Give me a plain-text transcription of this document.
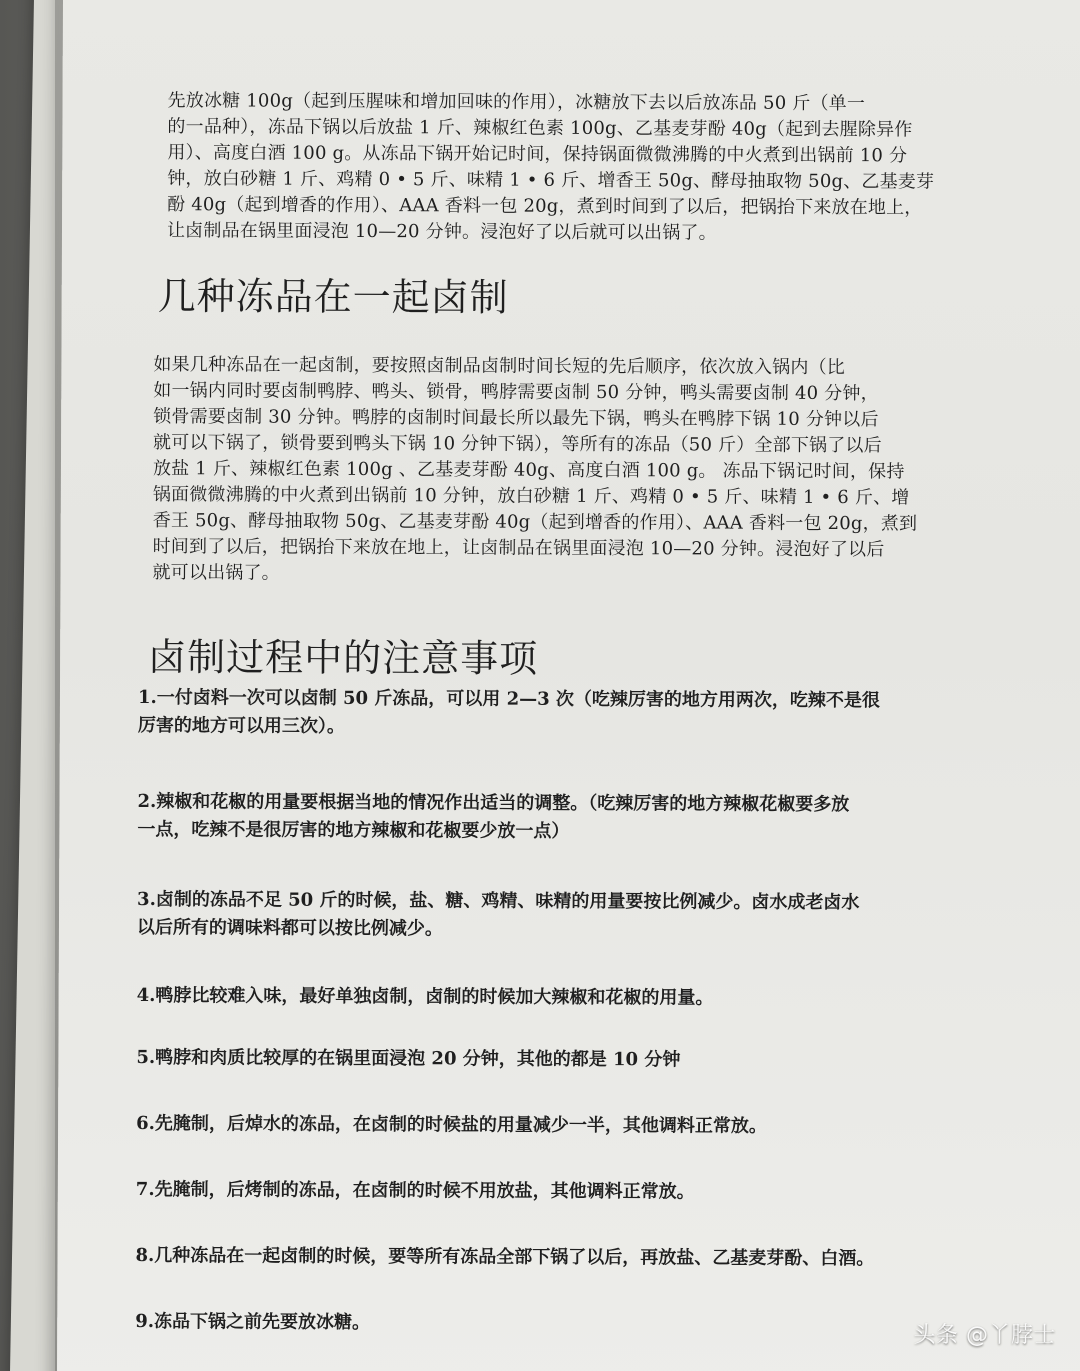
先放冰糖 100g（起到压腥味和增加回味的作用），冰糖放下去以后放冻品 50 斤（单一
的一品种），冻品下锅以后放盐 1 斤、辣椒红色素 100g、乙基麦芽酚 40g（起到去腥除异作
用）、高度白酒 100 g。从冻品下锅开始记时间，保持锅面微微沸腾的中火煮到出锅前 10 分
钟，放白砂糖 1 斤、鸡精 0 • 5 斤、味精 1 • 6 斤、增香王 50g、酵母抽取物 50g、乙基麦芽
酚 40g（起到增香的作用）、AAA 香料一包 20g，煮到时间到了以后，把锅抬下来放在地上，
让卤制品在锅里面浸泡 10—20 分钟。浸泡好了以后就可以出锅了。

几种冻品在一起卤制

如果几种冻品在一起卤制，要按照卤制品卤制时间长短的先后顺序，依次放入锅内（比
如一锅内同时要卤制鸭脖、鸭头、锁骨，鸭脖需要卤制 50 分钟，鸭头需要卤制 40 分钟，
锁骨需要卤制 30 分钟。鸭脖的卤制时间最长所以最先下锅，鸭头在鸭脖下锅 10 分钟以后
就可以下锅了，锁骨要到鸭头下锅 10 分钟下锅），等所有的冻品（50 斤）全部下锅了以后
放盐 1 斤、辣椒红色素 100g 、乙基麦芽酚 40g、高度白酒 100 g。 冻品下锅记时间，保持
锅面微微沸腾的中火煮到出锅前 10 分钟，放白砂糖 1 斤、鸡精 0 • 5 斤、味精 1 • 6 斤、增
香王 50g、酵母抽取物 50g、乙基麦芽酚 40g（起到增香的作用）、AAA 香料一包 20g，煮到
时间到了以后，把锅抬下来放在地上，让卤制品在锅里面浸泡 10—20 分钟。浸泡好了以后
就可以出锅了。

卤制过程中的注意事项
1.一付卤料一次可以卤制 50 斤冻品，可以用 2—3 次（吃辣厉害的地方用两次，吃辣不是很
厉害的地方可以用三次）。
2.辣椒和花椒的用量要根据当地的情况作出适当的调整。（吃辣厉害的地方辣椒花椒要多放
一点，吃辣不是很厉害的地方辣椒和花椒要少放一点）
3.卤制的冻品不足 50 斤的时候，盐、糖、鸡精、味精的用量要按比例减少。卤水成老卤水
以后所有的调味料都可以按比例减少。
4.鸭脖比较难入味，最好单独卤制，卤制的时候加大辣椒和花椒的用量。
5.鸭脖和肉质比较厚的在锅里面浸泡 20 分钟，其他的都是 10 分钟
6.先腌制，后焯水的冻品，在卤制的时候盐的用量减少一半，其他调料正常放。
7.先腌制，后烤制的冻品，在卤制的时候不用放盐，其他调料正常放。
8.几种冻品在一起卤制的时候，要等所有冻品全部下锅了以后，再放盐、乙基麦芽酚、白酒。
9.冻品下锅之前先要放冰糖。
头条 @丫脖士
